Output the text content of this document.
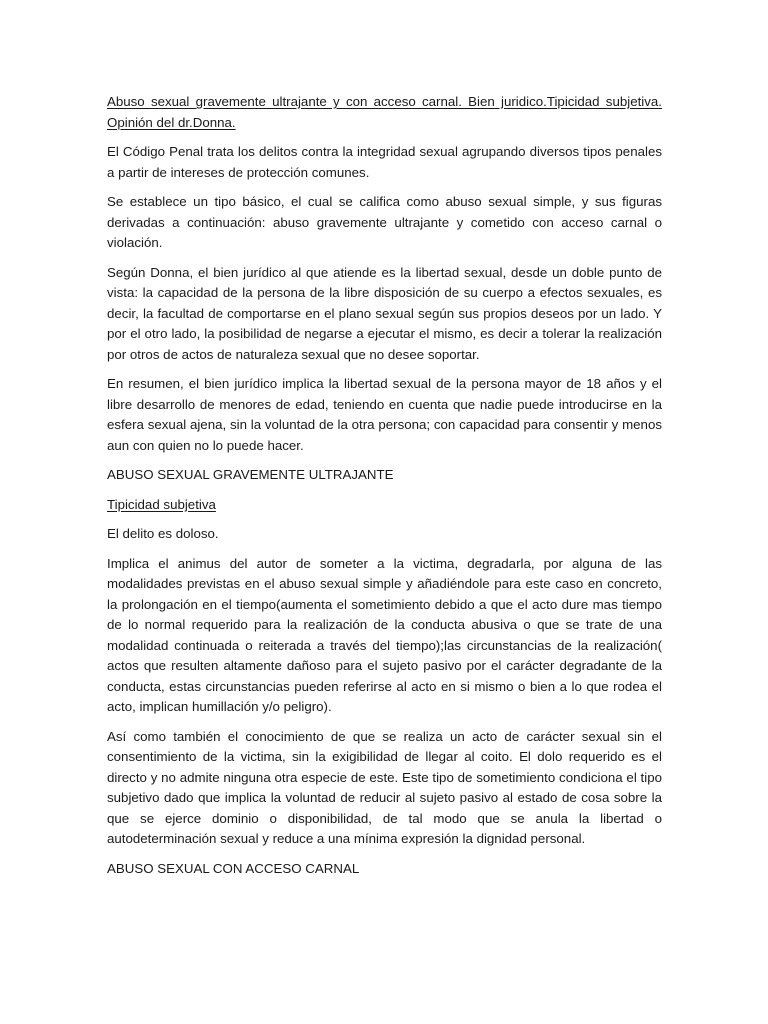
Abuso sexual gravemente ultrajante y con acceso carnal. Bien juridico.Tipicidad subjetiva. Opinión del dr.Donna.

El Código Penal trata los delitos contra la integridad sexual agrupando diversos tipos penales a partir de intereses de protección comunes.

Se establece un tipo básico, el cual se califica como abuso sexual simple, y sus figuras derivadas a continuación: abuso gravemente ultrajante y cometido con acceso carnal o violación.

Según Donna, el bien jurídico al que atiende es la libertad sexual, desde un doble punto de vista: la capacidad de la persona de la libre disposición de su cuerpo a efectos sexuales, es decir, la facultad de comportarse en el plano sexual según sus propios deseos por un lado. Y por el otro lado, la posibilidad de negarse a ejecutar el mismo, es decir a tolerar la realización por otros de actos de naturaleza sexual que no desee soportar.

En resumen, el bien jurídico implica la libertad sexual de la persona mayor de 18 años y el libre desarrollo de menores de edad, teniendo en cuenta que nadie puede introducirse en la esfera sexual ajena, sin la voluntad de la otra persona; con capacidad para consentir y menos aun con quien no lo puede hacer.

ABUSO SEXUAL GRAVEMENTE ULTRAJANTE

Tipicidad subjetiva

El delito es doloso.

Implica el animus del autor de someter a la victima, degradarla, por alguna de las modalidades previstas en el abuso sexual simple y añadiéndole para este caso en concreto, la prolongación en el tiempo(aumenta el sometimiento debido a que el acto dure mas tiempo de lo normal requerido para la realización de la conducta abusiva o que se trate de una modalidad continuada o reiterada a través del tiempo);las circunstancias de la realización( actos que resulten altamente dañoso para el sujeto pasivo por el carácter degradante de la conducta, estas circunstancias pueden referirse al acto en si mismo o bien a lo que rodea el acto, implican humillación y/o peligro).

Así como también el conocimiento de que se realiza un acto de carácter sexual sin el consentimiento de la victima, sin la exigibilidad de llegar al coito. El dolo requerido es el directo y no admite ninguna otra especie de este. Este tipo de sometimiento condiciona el tipo subjetivo dado que implica la voluntad de reducir al sujeto pasivo al estado de cosa sobre la que se ejerce dominio o disponibilidad, de tal modo que se anula la libertad o autodeterminación sexual y reduce a una mínima expresión la dignidad personal.

ABUSO SEXUAL CON ACCESO CARNAL
